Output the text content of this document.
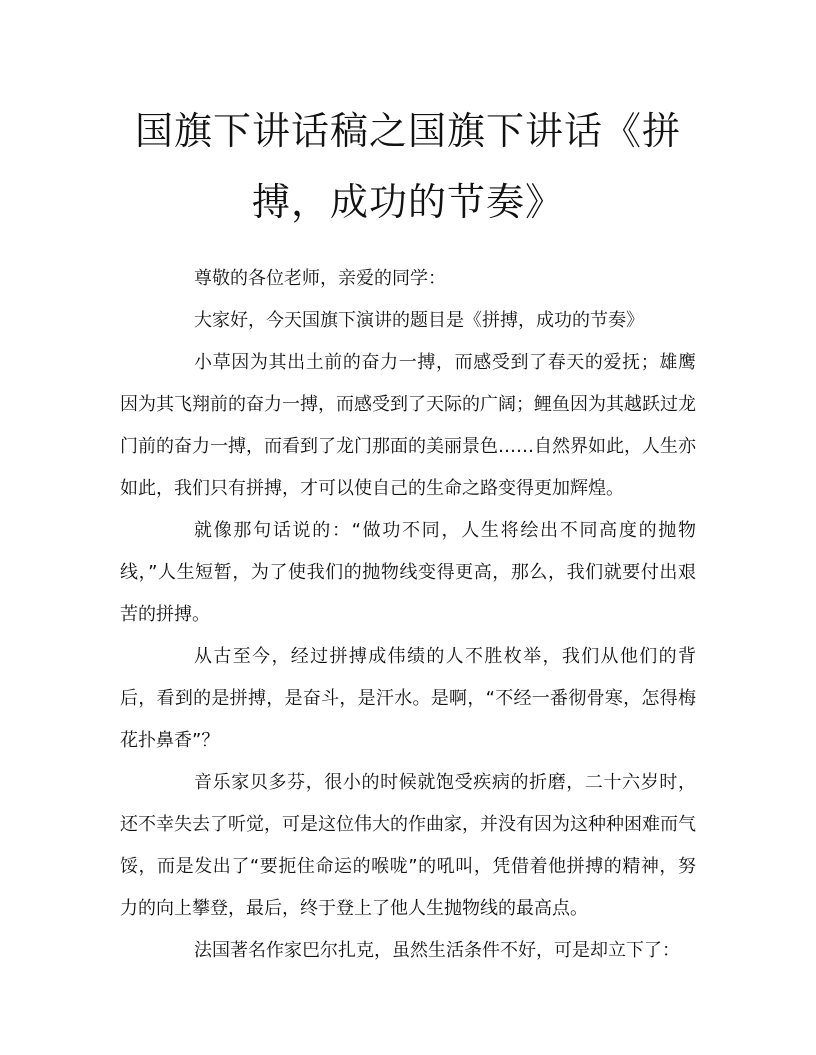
国旗下讲话稿之国旗下讲话《拼搏，成功的节奏》

尊敬的各位老师，亲爱的同学：

大家好，今天国旗下演讲的题目是《拼搏，成功的节奏》

小草因为其出土前的奋力一搏，而感受到了春天的爱抚；雄鹰因为其飞翔前的奋力一搏，而感受到了天际的广阔；鲤鱼因为其越跃过龙门前的奋力一搏，而看到了龙门那面的美丽景色……自然界如此，人生亦如此，我们只有拼搏，才可以使自己的生命之路变得更加辉煌。

就像那句话说的：“做功不同，人生将绘出不同高度的抛物线，”人生短暂，为了使我们的抛物线变得更高，那么，我们就要付出艰苦的拼搏。

从古至今，经过拼搏成伟绩的人不胜枚举，我们从他们的背后，看到的是拼搏，是奋斗，是汗水。是啊，“不经一番彻骨寒，怎得梅花扑鼻香”？

音乐家贝多芬，很小的时候就饱受疾病的折磨，二十六岁时，还不幸失去了听觉，可是这位伟大的作曲家，并没有因为这种种困难而气馁，而是发出了“要扼住命运的喉咙”的吼叫，凭借着他拼搏的精神，努力的向上攀登，最后，终于登上了他人生抛物线的最高点。

法国著名作家巴尔扎克，虽然生活条件不好，可是却立下了：
